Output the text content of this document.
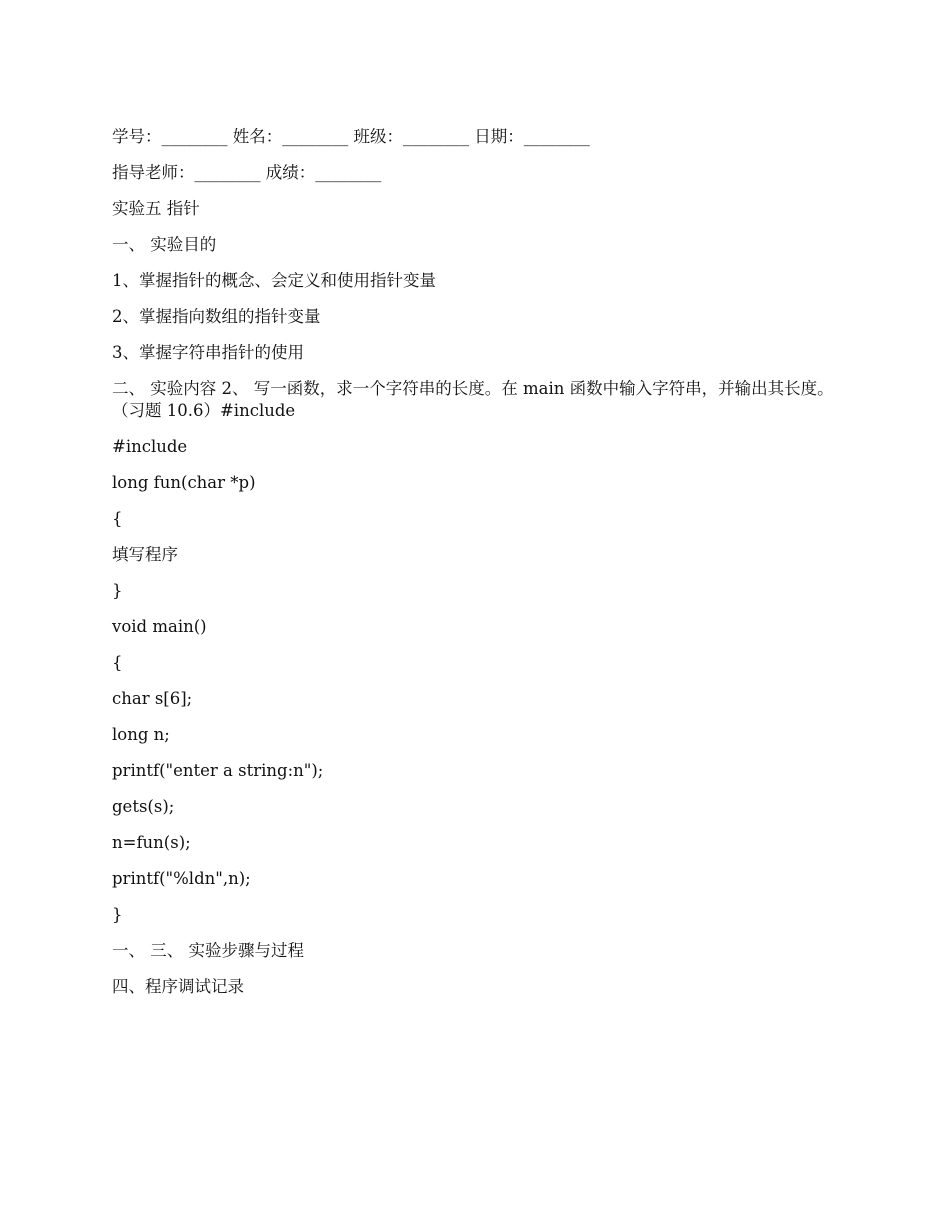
学号：________ 姓名：________ 班级：________ 日期：________

指导老师：________ 成绩：________

实验五 指针

一、 实验目的

1、掌握指针的概念、会定义和使用指针变量

2、掌握指向数组的指针变量

3、掌握字符串指针的使用

二、 实验内容 2、 写一函数，求一个字符串的长度。在 main 函数中输入字符串，并输出其长度。（习题 10.6）#include

#include

long fun(char *p)

{

填写程序

}

void main()

{

char s[6];

long n;

printf("enter a string:n");

gets(s);

n=fun(s);

printf("%ldn",n);

}

一、 三、 实验步骤与过程

四、程序调试记录
